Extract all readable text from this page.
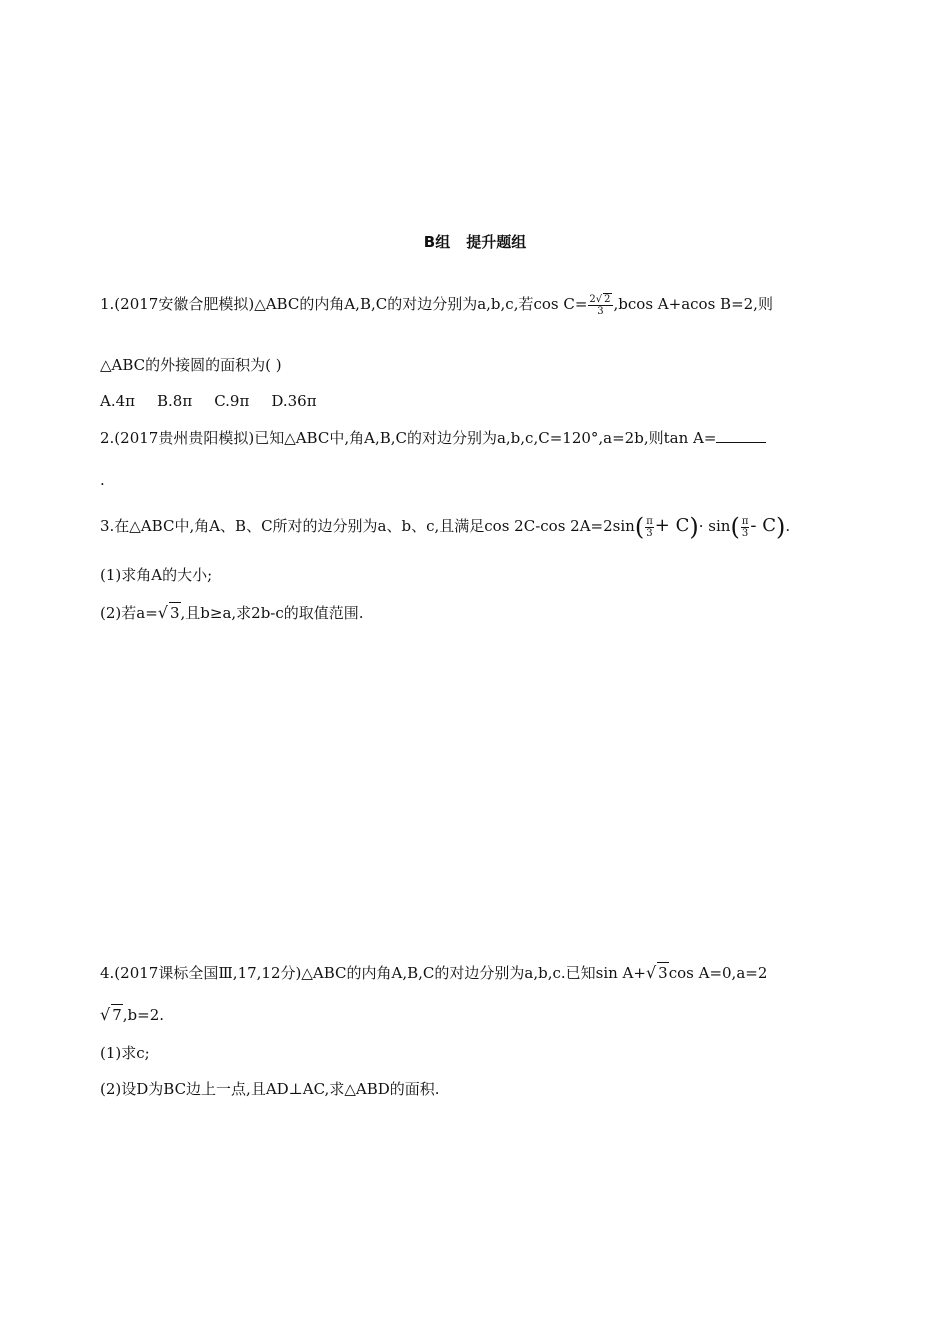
B组 提升题组
1.(2017安徽合肥模拟)△ABC的内角A,B,C的对边分别为a,b,c,若$\cos C= \frac{2√ 2}{3} ,bcos$ A+acos B=2,则
△ABC的外接圆的面积为( )
A.4π B.8π C.9π D.36π
2.(2017贵州贵阳模拟)已知△ABC中,角A,B,C的对边分别为a,b,c,C=120°,a=2b,则tan A=
.
3.在△ABC中,角A、B、C所对的边分别为a、b、c,且满足cos 2C-cos $2A=2\sin( \frac{\pi}{3} + C)\cdot \sin( \frac{\pi}{3} - C)$.
(1)求角A的大小;
(2)若a=√ 3,且b≥a,求2b-c的取值范围.
4.(2017课标全国Ⅲ,17,12分)△ABC的内角A,B,C的对边分别为a,b,c.已知sin A+√ 3cos A=0,a=2
√ 7,b=2.
(1)求c;
(2)设D为BC边上一点,且AD⊥AC,求△ABD的面积.
